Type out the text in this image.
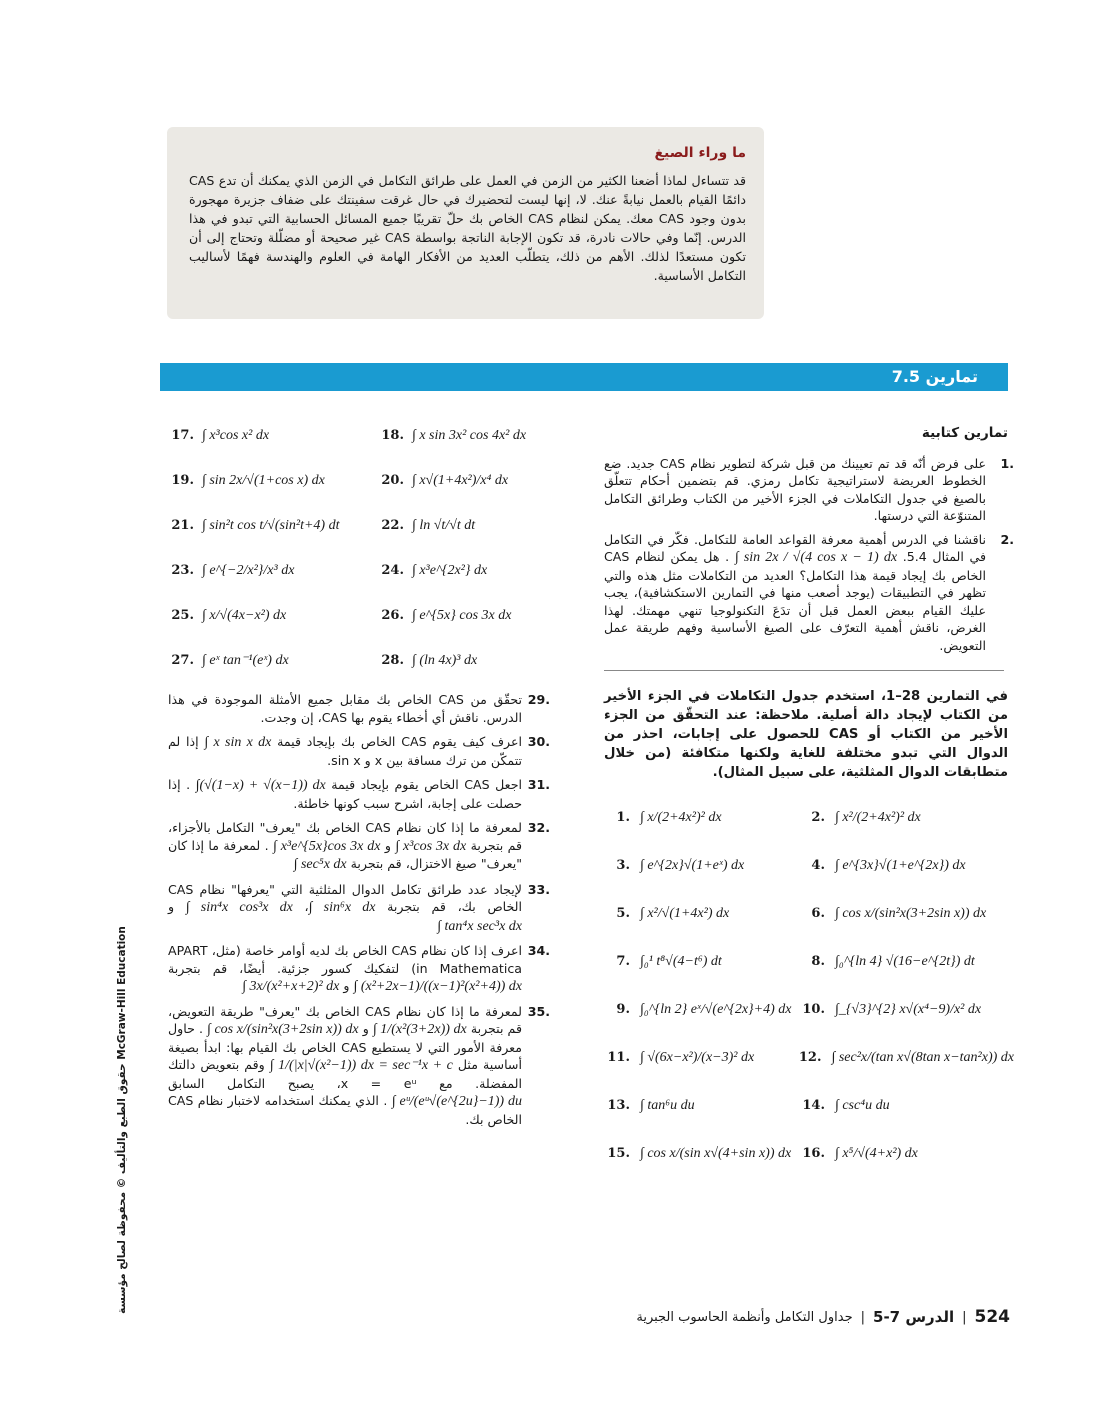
ما وراء الصيغ
قد تتساءل لماذا أضعنا الكثير من الزمن في العمل على طرائق التكامل في الزمن الذي يمكنك أن تدع CAS دائمًا القيام بالعمل نيابةً عنك. لا، إنها ليست لتحضيرك في حال غرقت سفينتك على ضفاف جزيرة مهجورة بدون وجود CAS معك. يمكن لنظام CAS الخاص بك حلّ تقريبًا جميع المسائل الحسابية التي تبدو في هذا الدرس. إنّما وفي حالات نادرة، قد تكون الإجابة الناتجة بواسطة CAS غير صحيحة أو مضلّلة وتحتاج إلى أن تكون مستعدًا لذلك. الأهم من ذلك، يتطلّب العديد من الأفكار الهامة في العلوم والهندسة فهمًا لأساليب التكامل الأساسية.
تمارين 7.5
تمارين كتابية
1.
على فرض أنّه قد تم تعيينك من قبل شركة لتطوير نظام CAS جديد. ضع الخطوط العريضة لاستراتيجية تكامل رمزي. قم بتضمين أحكام تتعلّق بالصيغ في جدول التكاملات في الجزء الأخير من الكتاب وطرائق التكامل المتنوّعة التي درستها.
2.
ناقشنا في الدرس أهمية معرفة القواعد العامة للتكامل. فكّر في التكامل في المثال 5.4. ∫ sin 2x / √(4 cos x − 1) dx . هل يمكن لنظام CAS الخاص بك إيجاد قيمة هذا التكامل؟ العديد من التكاملات مثل هذه والتي تظهر في التطبيقات (يوجد أصعب منها في التمارين الاستكشافية)، يجب عليك القيام ببعض العمل قبل أن تدَعَ التكنولوجيا تنهي مهمتك. لهذا الغرض، ناقش أهمية التعرّف على الصيغ الأساسية وفهم طريقة عمل التعويض.
في التمارين 28–1، استخدم جدول التكاملات في الجزء الأخير من الكتاب لإيجاد دالة أصلية. ملاحظة: عند التحقّق من الجزء الأخير من الكتاب أو CAS للحصول على إجابات، احذر من الدوال التي تبدو مختلفة للغاية ولكنها متكافئة (من خلال متطابقات الدوال المثلثية، على سبيل المثال).
1. ∫ x/(2+4x²)² dx	2. ∫ x²/(2+4x²)² dx
3. ∫ e^{2x}√(1+eˣ) dx	4. ∫ e^{3x}√(1+e^{2x}) dx
5. ∫ x²/√(1+4x²) dx	6. ∫ cos x/(sin²x(3+2sin x)) dx
7. ∫₀¹ t⁸√(4−t⁶) dt	8. ∫₀^{ln 4} √(16−e^{2t}) dt
9. ∫₀^{ln 2} eˣ/√(e^{2x}+4) dx 10. ∫_{√3}^{2} x√(x⁴−9)/x² dx
11. ∫ √(6x−x²)/(x−3)² dx	12. ∫ sec²x/(tan x√(8tan x−tan²x)) dx
13. ∫ tan⁶u du	14. ∫ csc⁴u du
15. ∫ cos x/(sin x√(4+sin x)) dx 16. ∫ x⁵/√(4+x²) dx
17. ∫ x³cos x² dx	18. ∫ x sin 3x² cos 4x² dx
19. ∫ sin 2x/√(1+cos x) dx	20. ∫ x√(1+4x²)/x⁴ dx
21. ∫ sin²t cos t/√(sin²t+4) dt	22. ∫ ln √t/√t dt
23. ∫ e^{−2/x²}/x³ dx	24. ∫ x³e^{2x²} dx
25. ∫ x/√(4x−x²) dx	26. ∫ e^{5x} cos 3x dx
27. ∫ eˣ tan⁻¹(eˣ) dx	28. ∫ (ln 4x)³ dx
29.
تحقّق من CAS الخاص بك مقابل جميع الأمثلة الموجودة في هذا الدرس. ناقش أي أخطاء يقوم بها CAS، إن وجدت.
30.
اعرف كيف يقوم CAS الخاص بك بإيجاد قيمة ∫ x sin x dx إذا لم تتمكّن من ترك مسافة بين x و sin x.
31.
اجعل CAS الخاص يقوم بإيجاد قيمة ∫(√(1−x) + √(x−1)) dx . إذا حصلت على إجابة، اشرح سبب كونها خاطئة.
32.
لمعرفة ما إذا كان نظام CAS الخاص بك "يعرف" التكامل بالأجزاء، قم بتجربة ∫ x³cos 3x dx و ∫ x³e^{5x}cos 3x dx . لمعرفة ما إذا كان "يعرف" صيغ الاختزال، قم بتجربة ∫ sec⁵x dx
33.
لإيجاد عدد طرائق تكامل الدوال المثلثية التي "يعرفها" نظام CAS الخاص بك، قم بتجربة ∫ sin⁶x dx، ∫ sin⁴x cos³x dx و ∫ tan⁴x sec³x dx
34.
اعرف إذا كان نظام CAS الخاص بك لديه أوامر خاصة (مثل، APART in Mathematica) لتفكيك كسور جزئية. أيضًا، قم بتجربة ∫ (x²+2x−1)/((x−1)²(x²+4)) dx و ∫ 3x/(x²+x+2)² dx
35.
لمعرفة ما إذا كان نظام CAS الخاص بك "يعرف" طريقة التعويض، قم بتجربة ∫ 1/(x²(3+2x)) dx و ∫ cos x/(sin²x(3+2sin x)) dx . حاول معرفة الأمور التي لا يستطيع CAS الخاص بك القيام بها: ابدأ بصيغة أساسية مثل ∫ 1/(|x|√(x²−1)) dx = sec⁻¹x + c وقم بتعويض دالتك المفضلة. مع x = eᵘ، يصبح التكامل السابق ∫ eᵘ/(eᵘ√(e^{2u}−1)) du . الذي يمكنك استخدامه لاختبار نظام CAS الخاص بك.
حقوق الطبع والتأليف © محفوظة لصالح مؤسسة McGraw-Hill Education
524
|
الدرس 7-5
|
جداول التكامل وأنظمة الحاسوب الجبرية
